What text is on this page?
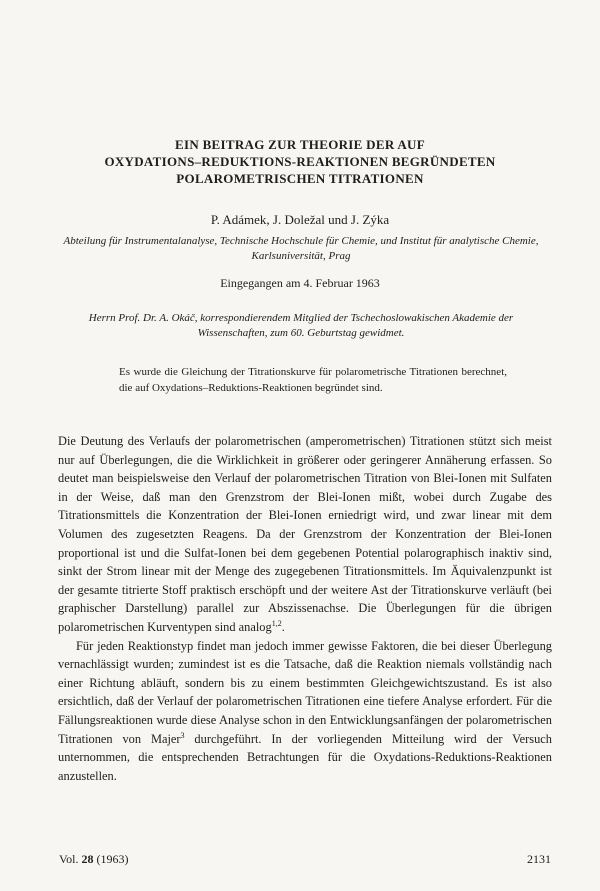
EIN BEITRAG ZUR THEORIE DER AUF
OXYDATIONS–REDUKTIONS-REAKTIONEN BEGRÜNDETEN
POLAROMETRISCHEN TITRATIONEN
P. Adámek, J. Doležal und J. Zýka
Abteilung für Instrumentalanalyse, Technische Hochschule für Chemie, und Institut für analytische Chemie, Karlsuniversität, Prag
Eingegangen am 4. Februar 1963
Herrn Prof. Dr. A. Okáč, korrespondierendem Mitglied der Tschechoslowakischen Akademie der Wissenschaften, zum 60. Geburtstag gewidmet.
Es wurde die Gleichung der Titrationskurve für polarometrische Titrationen berechnet, die auf Oxydations–Reduktions-Reaktionen begründet sind.

Die Deutung des Verlaufs der polarometrischen (amperometrischen) Titrationen stützt sich meist nur auf Überlegungen, die die Wirklichkeit in größerer oder geringerer Annäherung erfassen. So deutet man beispielsweise den Verlauf der polarometrischen Titration von Blei-Ionen mit Sulfaten in der Weise, daß man den Grenzstrom der Blei-Ionen mißt, wobei durch Zugabe des Titrationsmittels die Konzentration der Blei-Ionen erniedrigt wird, und zwar linear mit dem Volumen des zugesetzten Reagens. Da der Grenzstrom der Konzentration der Blei-Ionen proportional ist und die Sulfat-Ionen bei dem gegebenen Potential polarographisch inaktiv sind, sinkt der Strom linear mit der Menge des zugegebenen Titrationsmittels. Im Äquivalenzpunkt ist der gesamte titrierte Stoff praktisch erschöpft und der weitere Ast der Titrationskurve verläuft (bei graphischer Darstellung) parallel zur Abszissenachse. Die Überlegungen für die übrigen polarometrischen Kurventypen sind analog$^{1,2}$.

Für jeden Reaktionstyp findet man jedoch immer gewisse Faktoren, die bei dieser Überlegung vernachlässigt wurden; zumindest ist es die Tatsache, daß die Reaktion niemals vollständig nach einer Richtung abläuft, sondern bis zu einem bestimmten Gleichgewichtszustand. Es ist also ersichtlich, daß der Verlauf der polarometrischen Titrationen eine tiefere Analyse erfordert. Für die Fällungsreaktionen wurde diese Analyse schon in den Entwicklungsanfängen der polarometrischen Titrationen von Majer$^3$ durchgeführt. In der vorliegenden Mitteilung wird der Versuch unternommen, die entsprechenden Betrachtungen für die Oxydations-Reduktions-Reaktionen anzustellen.

Vol. 28 (1963)	2131
